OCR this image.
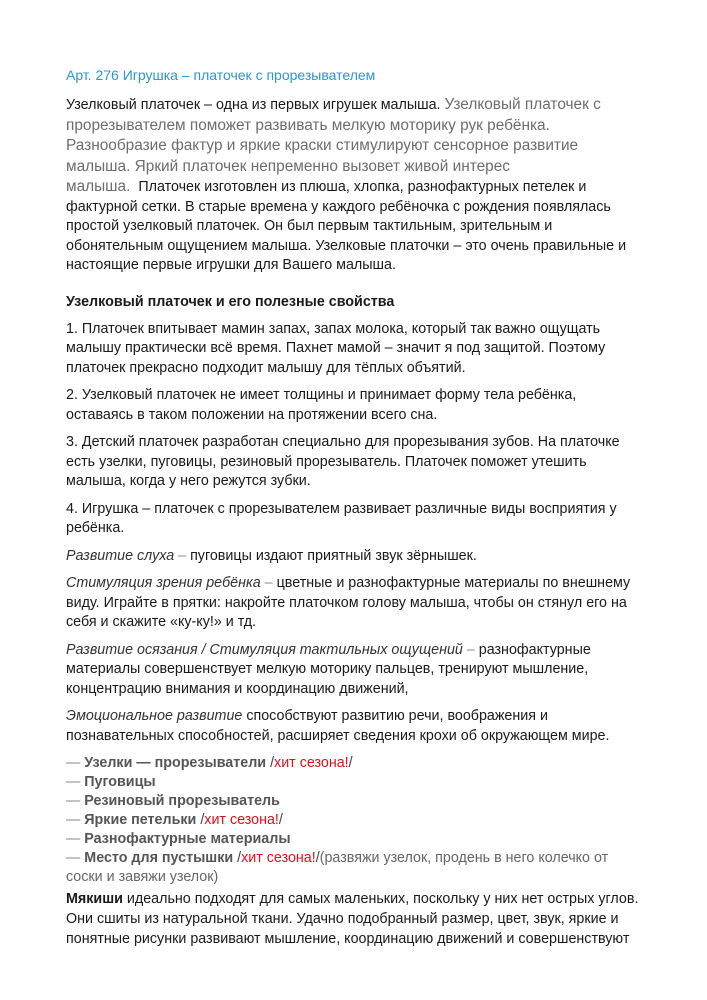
Арт. 276 Игрушка – платочек с прорезывателем

Узелковый платочек – одна из первых игрушек малыша. Узелковый платочек с прорезывателем поможет развивать мелкую моторику рук ребёнка. Разнообразие фактур и яркие краски стимулируют сенсорное развитие малыша. Яркий платочек непременно вызовет живой интерес малыша. Платочек изготовлен из плюша, хлопка, разнофактурных петелек и фактурной сетки. В старые времена у каждого ребёночка с рождения появлялась простой узелковый платочек. Он был первым тактильным, зрительным и обонятельным ощущением малыша. Узелковые платочки – это очень правильные и настоящие первые игрушки для Вашего малыша.

Узелковый платочек и его полезные свойства

1. Платочек впитывает мамин запах, запах молока, который так важно ощущать малышу практически всё время. Пахнет мамой – значит я под защитой. Поэтому платочек прекрасно подходит малышу для тёплых объятий.

2. Узелковый платочек не имеет толщины и принимает форму тела ребёнка, оставаясь в таком положении на протяжении всего сна.

3. Детский платочек разработан специально для прорезывания зубов. На платочке есть узелки, пуговицы, резиновый прорезыватель. Платочек поможет утешить малыша, когда у него режутся зубки.

4. Игрушка – платочек с прорезывателем развивает различные виды восприятия у ребёнка.

Развитие слуха – пуговицы издают приятный звук зёрнышек.

Стимуляция зрения ребёнка – цветные и разнофактурные материалы по внешнему виду. Играйте в прятки: накройте платочком голову малыша, чтобы он стянул его на себя и скажите «ку-ку!» и тд.

Развитие осязания / Стимуляция тактильных ощущений – разнофактурные материалы совершенствует мелкую моторику пальцев, тренируют мышление, концентрацию внимания и координацию движений,

Эмоциональное развитие способствуют развитию речи, воображения и познавательных способностей, расширяет сведения крохи об окружающем мире.

— Узелки — прорезыватели /хит сезона!/
— Пуговицы
— Резиновый прорезыватель
— Яркие петельки /хит сезона!/
— Разнофактурные материалы
— Место для пустышки /хит сезона!/(развяжи узелок, продень в него колечко от соски и завяжи узелок)

Мякиши идеально подходят для самых маленьких, поскольку у них нет острых углов. Они сшиты из натуральной ткани. Удачно подобранный размер, цвет, звук, яркие и понятные рисунки развивают мышление, координацию движений и совершенствуют
